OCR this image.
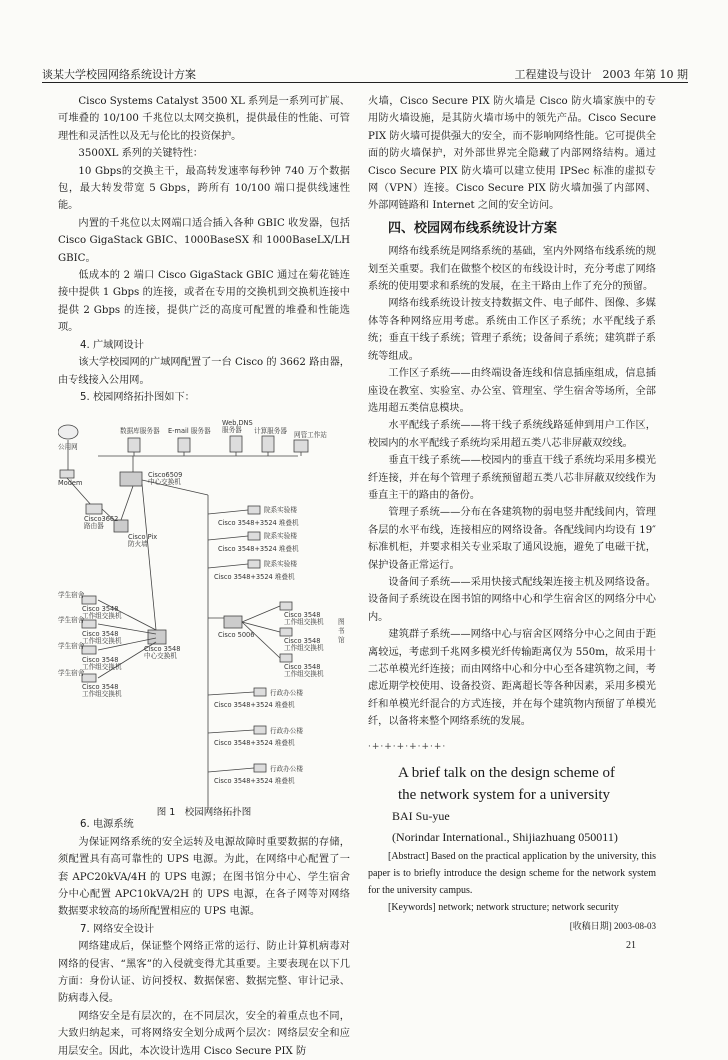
谈某大学校园网络系统设计方案	工程建设与设计　2003 年第 10 期

Cisco Systems Catalyst 3500 XL 系列是一系列可扩展、可堆叠的 10/100 千兆位以太网交换机，提供最佳的性能、可管理性和灵活性以及无与伦比的投资保护。

3500XL 系列的关键特性：

10 Gbps的交换主干，最高转发速率每秒钟 740 万个数据包，最大转发带宽 5 Gbps，跨所有 10/100 端口提供线速性能。

内置的千兆位以太网端口适合插入各种 GBIC 收发器，包括 Cisco GigaStack GBIC、1000BaseSX 和 1000BaseLX/LH GBIC。

低成本的 2 端口 Cisco GigaStack GBIC 通过在菊花链连接中提供 1 Gbps 的连接，或者在专用的交换机到交换机连接中提供 2 Gbps 的连接，提供广泛的高度可配置的堆叠和性能选项。

4. 广域网设计

该大学校园网的广域网配置了一台 Cisco 的 3662 路由器，由专线接入公用网。

5. 校园网络拓扑图如下：
公用网
数据库服务器 E-mail 服务器
Web,DNS
服务器	计算服务器 网管工作站
Modem
Cisco6509
中心交换机
Cisco3662
路由器
Cisco Pix
防火墙
院系实验楼
Cisco 3548+3524 堆叠机
院系实验楼
Cisco 3548+3524 堆叠机
院系实验楼
Cisco 3548+3524 堆叠机
学生宿舍
学生宿舍
学生宿舍
学生宿舍
Cisco 3548
工作组交换机
Cisco 3548
工作组交换机
Cisco 3548
工作组交换机
Cisco 3548
工作组交换机
Cisco 3548
中心交换机
Cisco 5006
Cisco 3548
工作组交换机
Cisco 3548
工作组交换机
Cisco 3548
工作组交换机
图书馆
行政办公楼
Cisco 3548+3524 堆叠机
行政办公楼
Cisco 3548+3524 堆叠机
行政办公楼
Cisco 3548+3524 堆叠机
图 1　校园网络拓扑图
6. 电源系统

为保证网络系统的安全运转及电源故障时重要数据的存储，须配置具有高可靠性的 UPS 电源。为此，在网络中心配置了一套 APC20kVA/4H 的 UPS 电源；在图书馆分中心、学生宿舍分中心配置 APC10kVA/2H 的 UPS 电源，在各子网等对网络数据要求较高的场所配置相应的 UPS 电源。

7. 网络安全设计

网络建成后，保证整个网络正常的运行、防止计算机病毒对网络的侵害、“黑客”的入侵就变得尤其重要。主要表现在以下几方面：身份认证、访问授权、数据保密、数据完整、审计记录、防病毒入侵。

网络安全是有层次的，在不同层次，安全的着重点也不同，大致归纳起来，可将网络安全划分成两个层次：网络层安全和应用层安全。因此，本次设计选用 Cisco Secure PIX 防

火墙，Cisco Secure PIX 防火墙是 Cisco 防火墙家族中的专用防火墙设施，是其防火墙市场中的领先产品。Cisco Secure PIX 防火墙可提供强大的安全，而不影响网络性能。它可提供全面的防火墙保护，对外部世界完全隐藏了内部网络结构。通过 Cisco Secure PIX 防火墙可以建立使用 IPSec 标准的虚拟专网（VPN）连接。Cisco Secure PIX 防火墙加强了内部网、外部网链路和 Internet 之间的安全访问。

四、校园网布线系统设计方案

网络布线系统是网络系统的基础，室内外网络布线系统的规划至关重要。我们在做整个校区的布线设计时，充分考虑了网络系统的使用要求和系统的发展，在主干路由上作了充分的预留。

网络布线系统设计按支持数据文件、电子邮件、图像、多媒体等各种网络应用考虑。系统由工作区子系统；水平配线子系统；垂直干线子系统；管理子系统；设备间子系统；建筑群子系统等组成。

工作区子系统——由终端设备连线和信息插座组成，信息插座设在教室、实验室、办公室、管理室、学生宿舍等场所，全部选用超五类信息模块。

水平配线子系统——将干线子系统线路延伸到用户工作区，校园内的水平配线子系统均采用超五类八芯非屏蔽双绞线。

垂直干线子系统——校园内的垂直干线子系统均采用多模光纤连接，并在每个管理子系统预留超五类八芯非屏蔽双绞线作为垂直主干的路由的备份。

管理子系统——分布在各建筑物的弱电竖井配线间内，管理各层的水平布线，连接相应的网络设备。各配线间内均设有 19″ 标准机柜，并要求相关专业采取了通风设施，避免了电磁干扰，保护设备正常运行。

设备间子系统——采用快接式配线架连接主机及网络设备。设备间子系统设在图书馆的网络中心和学生宿舍区的网络分中心内。

建筑群子系统——网络中心与宿舍区网络分中心之间由于距离较远，考虑到千兆网多模光纤传输距离仅为 550m，故采用十二芯单模光纤连接；而由网络中心和分中心至各建筑物之间，考虑近期学校使用、设备投资、距离超长等各种因素，采用多模光纤和单模光纤混合的方式连接，并在每个建筑物内预留了单模光纤，以备将来整个网络系统的发展。

·+·+·+·+·+·+·

A brief talk on the design scheme of

the network system for a university

BAI Su-yue

(Norindar International., Shijiazhuang 050011)

[Abstract] Based on the practical application by the university, this paper is to briefly introduce the design scheme for the network system for the university campus.

[Keywords] network; network structure; network security

[收稿日期] 2003-08-03
21
